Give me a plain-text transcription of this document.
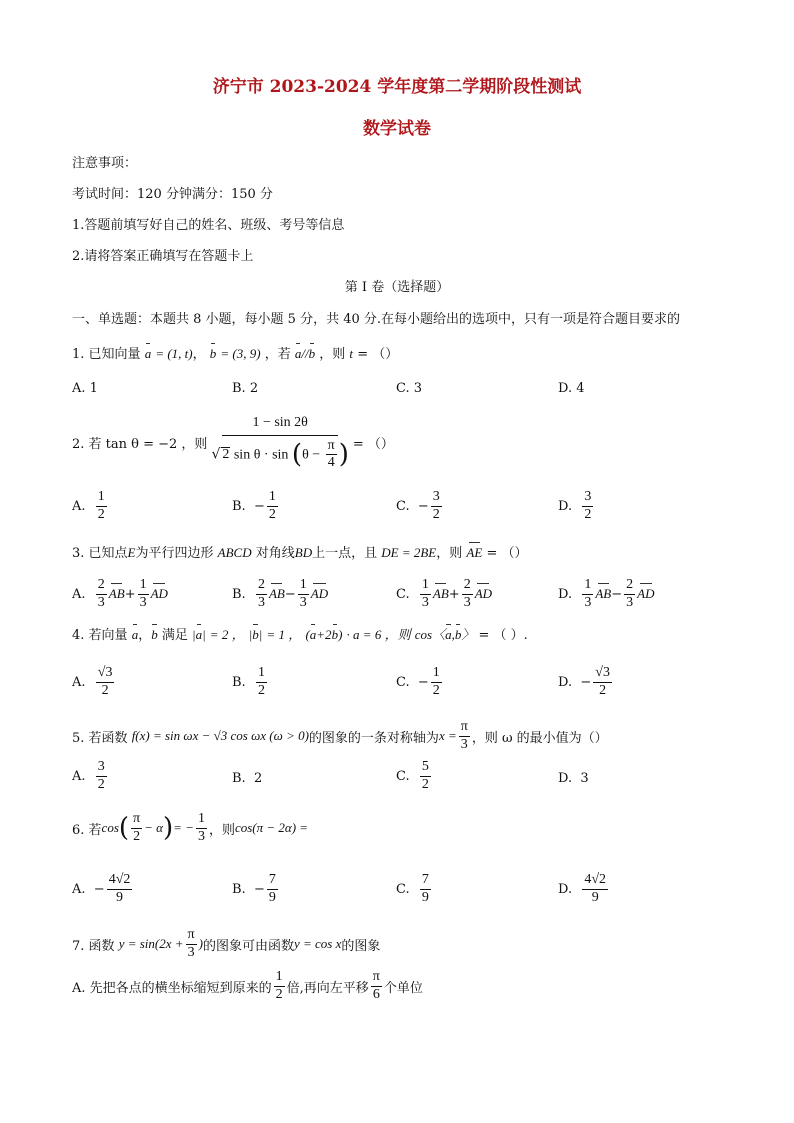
济宁市 2023-2024 学年度第二学期阶段性测试
数学试卷
注意事项：
考试时间：120 分钟满分：150 分
1.答题前填写好自己的姓名、班级、考号等信息
2.请将答案正确填写在答题卡上
第 I 卷（选择题）
一、单选题：本题共 8 小题，每小题 5 分，共 40 分.在每小题给出的选项中，只有一项是符合题目要求的
1. 已知向量 a = (1, t)， b = (3, 9) ，若 a//b ，则 t = （）
A. 1	B. 2	C. 3	D. 4
2. 若 tan θ = −2 ，则 $\frac{1 - \sin 2\theta}{√ 2 \sin \theta \cdot \sin (\theta - \frac{\pi}{4} )}$ = （）
A.
$\frac{1}{2}$	B.
− $\frac{1}{2}$	C.
− $\frac{3}{2}$	D.
$\frac{3}{2}$
3. 已知点E为平行四边形 ABCD 对角线BD上一点，且 DE = 2BE，则 AE = （）
A.
$\frac{2}{3}$ AB + $\frac{1}{3}$ AD	B.
$\frac{2}{3}$ AB − $\frac{1}{3}$ AD	C.
$\frac{1}{3}$ AB + $\frac{2}{3}$ AD	D.
$\frac{1}{3}$ AB − $\frac{2}{3}$ AD
4. 若向量 a，b 满足 |a| = 2 ， |b| = 1 ， (a+2b) · a = 6 ，则 cos〈a,b〉 = （ ）.
A.
$\frac{√3}{2}$	B.
$\frac{1}{2}$	C.
− $\frac{1}{2}$	D.
− $\frac{√3}{2}$
5. 若函数
f(x) = sin ωx − √3 cos ωx (ω > 0) 的图象的一条对称轴为 $x = \frac{\pi}{3}$ ，则 ω 的最小值为（）
A.
$\frac{3}{2}$	B. 2	C.
$\frac{5}{2}$	D. 3
6. 若 cos ( $\frac{\pi}{2} - \alpha$ ) = − $\frac{1}{3}$ ，则 cos(π − 2α) =
A.
− $\frac{4√2}{9}$	B.
− $\frac{7}{9}$	C.
$\frac{7}{9}$	D.
$\frac{4√2}{9}$
7. 函数
$y = \sin(2x + \frac{\pi}{3}$ ) 的图象可由函数 y = cos x 的图象
A. 先把各点的横坐标缩短到原来的 $\frac{1}{2}$ 倍,再向左平移 $\frac{\pi}{6}$ 个单位
